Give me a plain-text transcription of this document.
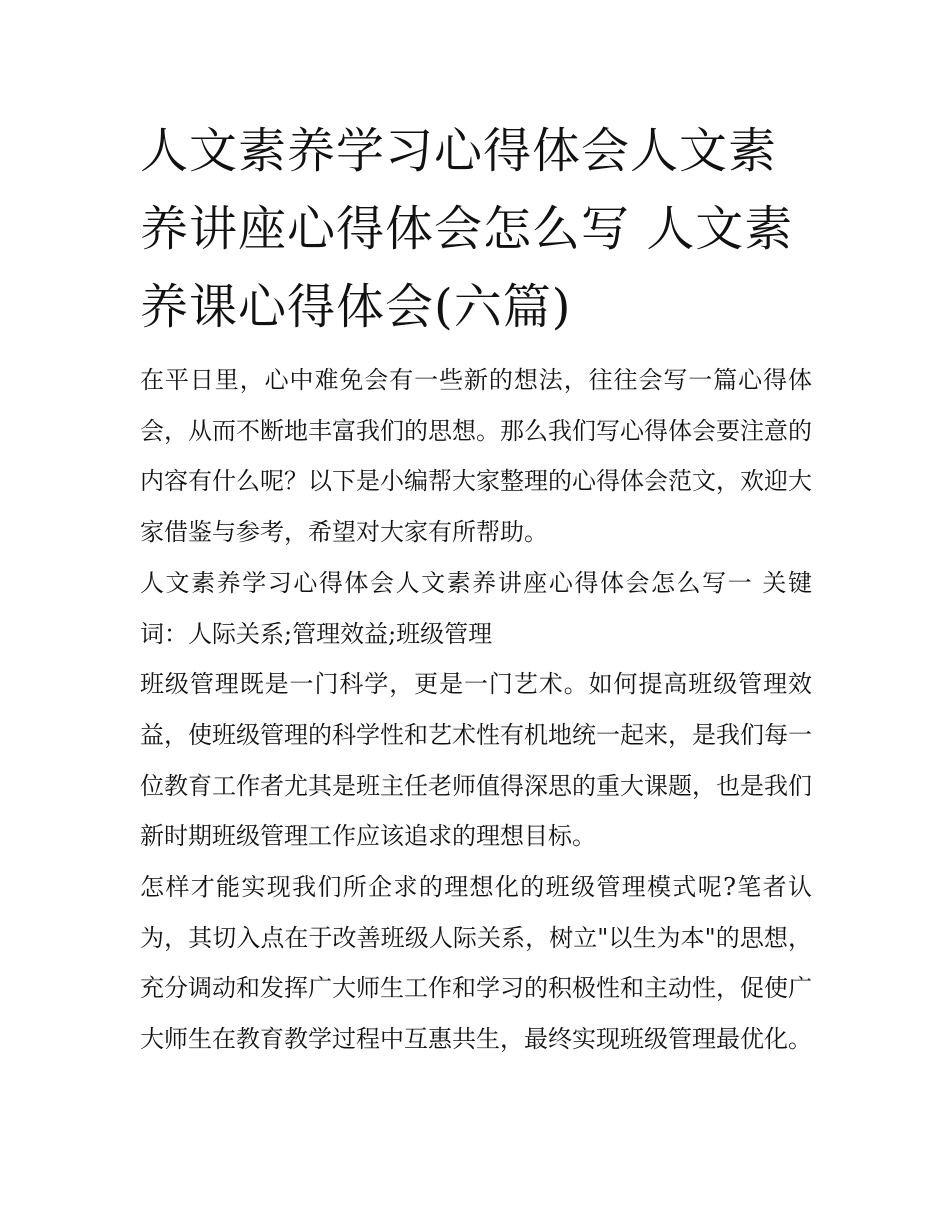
人文素养学习心得体会人文素养讲座心得体会怎么写 人文素养课心得体会(六篇)

在平日里，心中难免会有一些新的想法，往往会写一篇心得体会，从而不断地丰富我们的思想。那么我们写心得体会要注意的内容有什么呢？以下是小编帮大家整理的心得体会范文，欢迎大家借鉴与参考，希望对大家有所帮助。

人文素养学习心得体会人文素养讲座心得体会怎么写一 关键词：人际关系;管理效益;班级管理

班级管理既是一门科学，更是一门艺术。如何提高班级管理效益，使班级管理的科学性和艺术性有机地统一起来，是我们每一位教育工作者尤其是班主任老师值得深思的重大课题，也是我们新时期班级管理工作应该追求的理想目标。

怎样才能实现我们所企求的理想化的班级管理模式呢?笔者认为，其切入点在于改善班级人际关系，树立"以生为本"的思想，充分调动和发挥广大师生工作和学习的积极性和主动性，促使广大师生在教育教学过程中互惠共生，最终实现班级管理最优化。
